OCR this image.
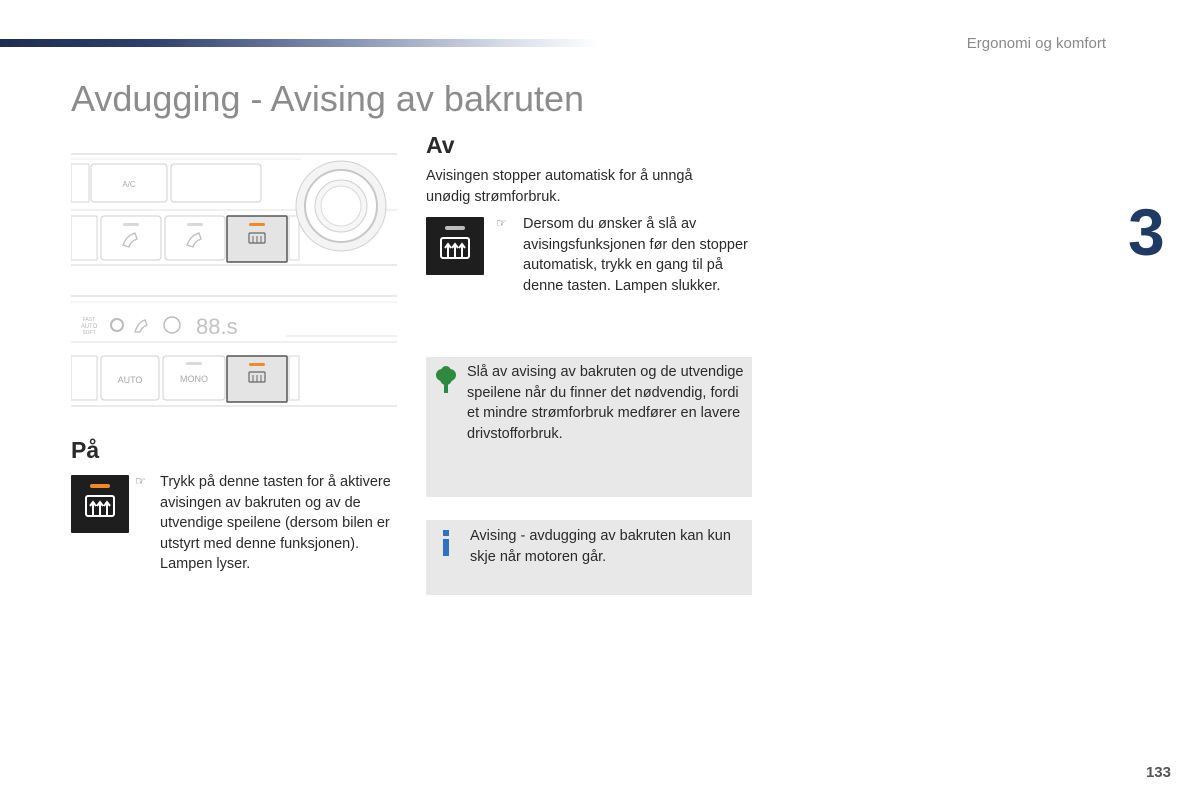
Ergonomi og komfort
Avdugging - Avising av bakruten
3
133
A/C
FAST
AUTO
SOFT	88.s
AUTO	MONO
På
☞ Trykk på denne tasten for å aktivere avisingen av bakruten og av de utvendige speilene (dersom bilen er utstyrt med denne funksjonen). Lampen lyser.

Av

Avisingen stopper automatisk for å unngå unødig strømforbruk.

☞ Dersom du ønsker å slå av avisingsfunksjonen før den stopper automatisk, trykk en gang til på denne tasten. Lampen slukker.

Slå av avising av bakruten og de utvendige speilene når du finner det nødvendig, fordi et mindre strømforbruk medfører en lavere drivstofforbruk.

Avising - avdugging av bakruten kan kun skje når motoren går.
